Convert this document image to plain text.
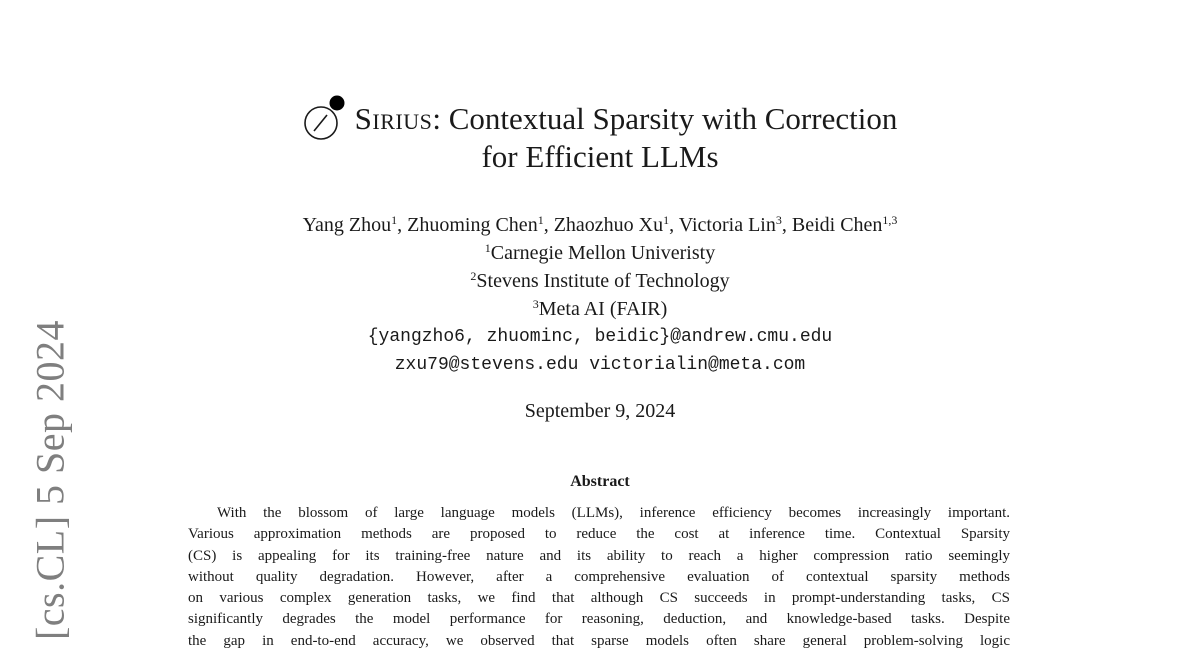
[cs.CL] 5 Sep 2024
Sirius : Contextual Sparsity with Correction
for Efficient LLMs
Yang Zhou$^1$, Zhuoming Chen$^1$, Zhaozhuo Xu$^1$, Victoria Lin$^3$, Beidi Chen$^{1,3}$
$^1$Carnegie Mellon Univeristy
$^2$Stevens Institute of Technology
$^3$Meta AI (FAIR)
{yangzho6, zhuominc, beidic}@andrew.cmu.edu
zxu79@stevens.edu victorialin@meta.com
September 9, 2024
Abstract
With the blossom of large language models (LLMs), inference efficiency becomes increasingly important.
Various approximation methods are proposed to reduce the cost at inference time. Contextual Sparsity
(CS) is appealing for its training-free nature and its ability to reach a higher compression ratio seemingly
without quality degradation. However, after a comprehensive evaluation of contextual sparsity methods
on various complex generation tasks, we find that although CS succeeds in prompt-understanding tasks, CS
significantly degrades the model performance for reasoning, deduction, and knowledge-based tasks. Despite
the gap in end-to-end accuracy, we observed that sparse models often share general problem-solving logic
